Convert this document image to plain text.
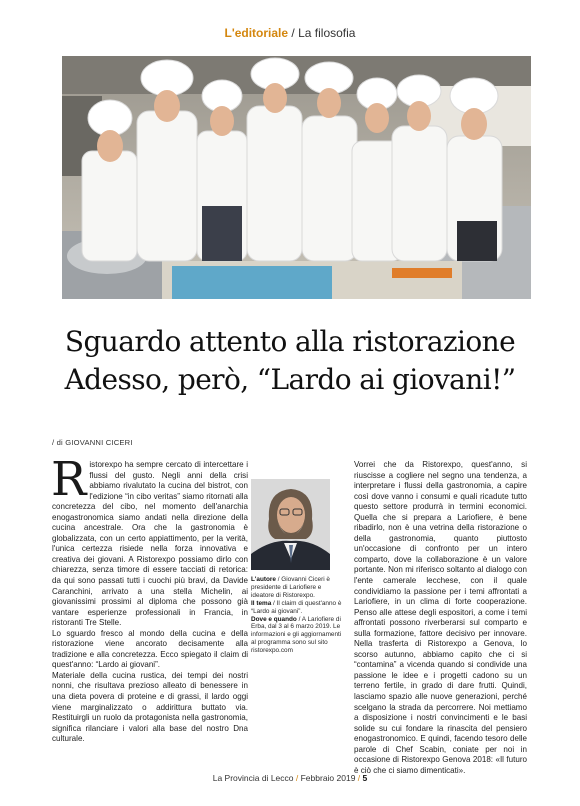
L'editoriale / La filosofia
Sguardo attento alla ristorazione
Adesso, però, “Lardo ai giovani!”
/ di GIOVANNI CICERI

Ristorexpo ha sempre cercato di intercettare i flussi del gusto. Negli anni della crisi abbiamo rivalutato la cucina del bistrot, con l'edizione “in cibo veritas” siamo ritornati alla concretezza del cibo, nel momento dell'anarchia enogastronomica siamo andati nella direzione della cucina ancestrale. Ora che la gastronomia è globalizzata, con un certo appiattimento, per la verità, l'unica certezza risiede nella forza innovativa e creativa dei giovani. A Ristorexpo possiamo dirlo con chiarezza, senza timore di essere tacciati di retorica: da qui sono passati tutti i cuochi più bravi, da Davide Caranchini, arrivato a una stella Michelin, ai giovanissimi prossimi al diploma che possono già vantare esperienze professionali in Francia, in ristoranti Tre Stelle.

Lo sguardo fresco al mondo della cucina e della ristorazione viene ancorato decisamente alla tradizione e alla concretezza. Ecco spiegato il claim di quest'anno: “Lardo ai giovani”.

Materiale della cucina rustica, dei tempi dei nostri nonni, che risultava prezioso alleato di benessere in una dieta povera di proteine e di grassi, il lardo oggi viene marginalizzato o addirittura buttato via. Restituirgli un ruolo da protagonista nella gastronomia, significa rilanciare i valori alla base del nostro Dna culturale.

L'autore / Giovanni Ciceri è presidente di Lariofiere e ideatore di Ristorexpo.

Il tema / Il claim di quest'anno è “Lardo ai giovani”.

Dove e quando / A Lariofiere di Erba, dal 3 al 6 marzo 2019. Le informazioni e gli aggiornamenti al programma sono sul sito ristorexpo.com

Vorrei che da Ristorexpo, quest'anno, si riuscisse a cogliere nel segno una tendenza, a interpretare i flussi della gastronomia, a capire così dove vanno i consumi e quali ricadute tutto questo settore produrrà in termini economici. Quella che si prepara a Lariofiere, è bene ribadirlo, non è una vetrina della ristorazione o della gastronomia, quanto piuttosto un'occasione di confronto per un intero comparto, dove la collaborazione è un valore portante. Non mi riferisco soltanto al dialogo con l'ente camerale lecchese, con il quale condividiamo la passione per i temi affrontati a Lariofiere, in un clima di forte cooperazione. Penso alle attese degli espositori, a come i temi affrontati possono riverberarsi sul comparto e sulla formazione, fattore decisivo per innovare. Nella trasferta di Ristorexpo a Genova, lo scorso autunno, abbiamo capito che ci si “contamina” a vicenda quando si condivide una passione le idee e i progetti cadono su un terreno fertile, in grado di dare frutti. Quindi, lasciamo spazio alle nuove generazioni, perché scelgano la strada da percorrere. Noi mettiamo a disposizione i nostri convincimenti e le basi solide su cui fondare la rinascita del pensiero enogastronomico. E quindi, facendo tesoro delle parole di Chef Scabin, coniate per noi in occasione di Ristorexpo Genova 2018: «Il futuro è ciò che ci siamo dimenticati».

La Provincia di Lecco / Febbraio 2019 / 5
